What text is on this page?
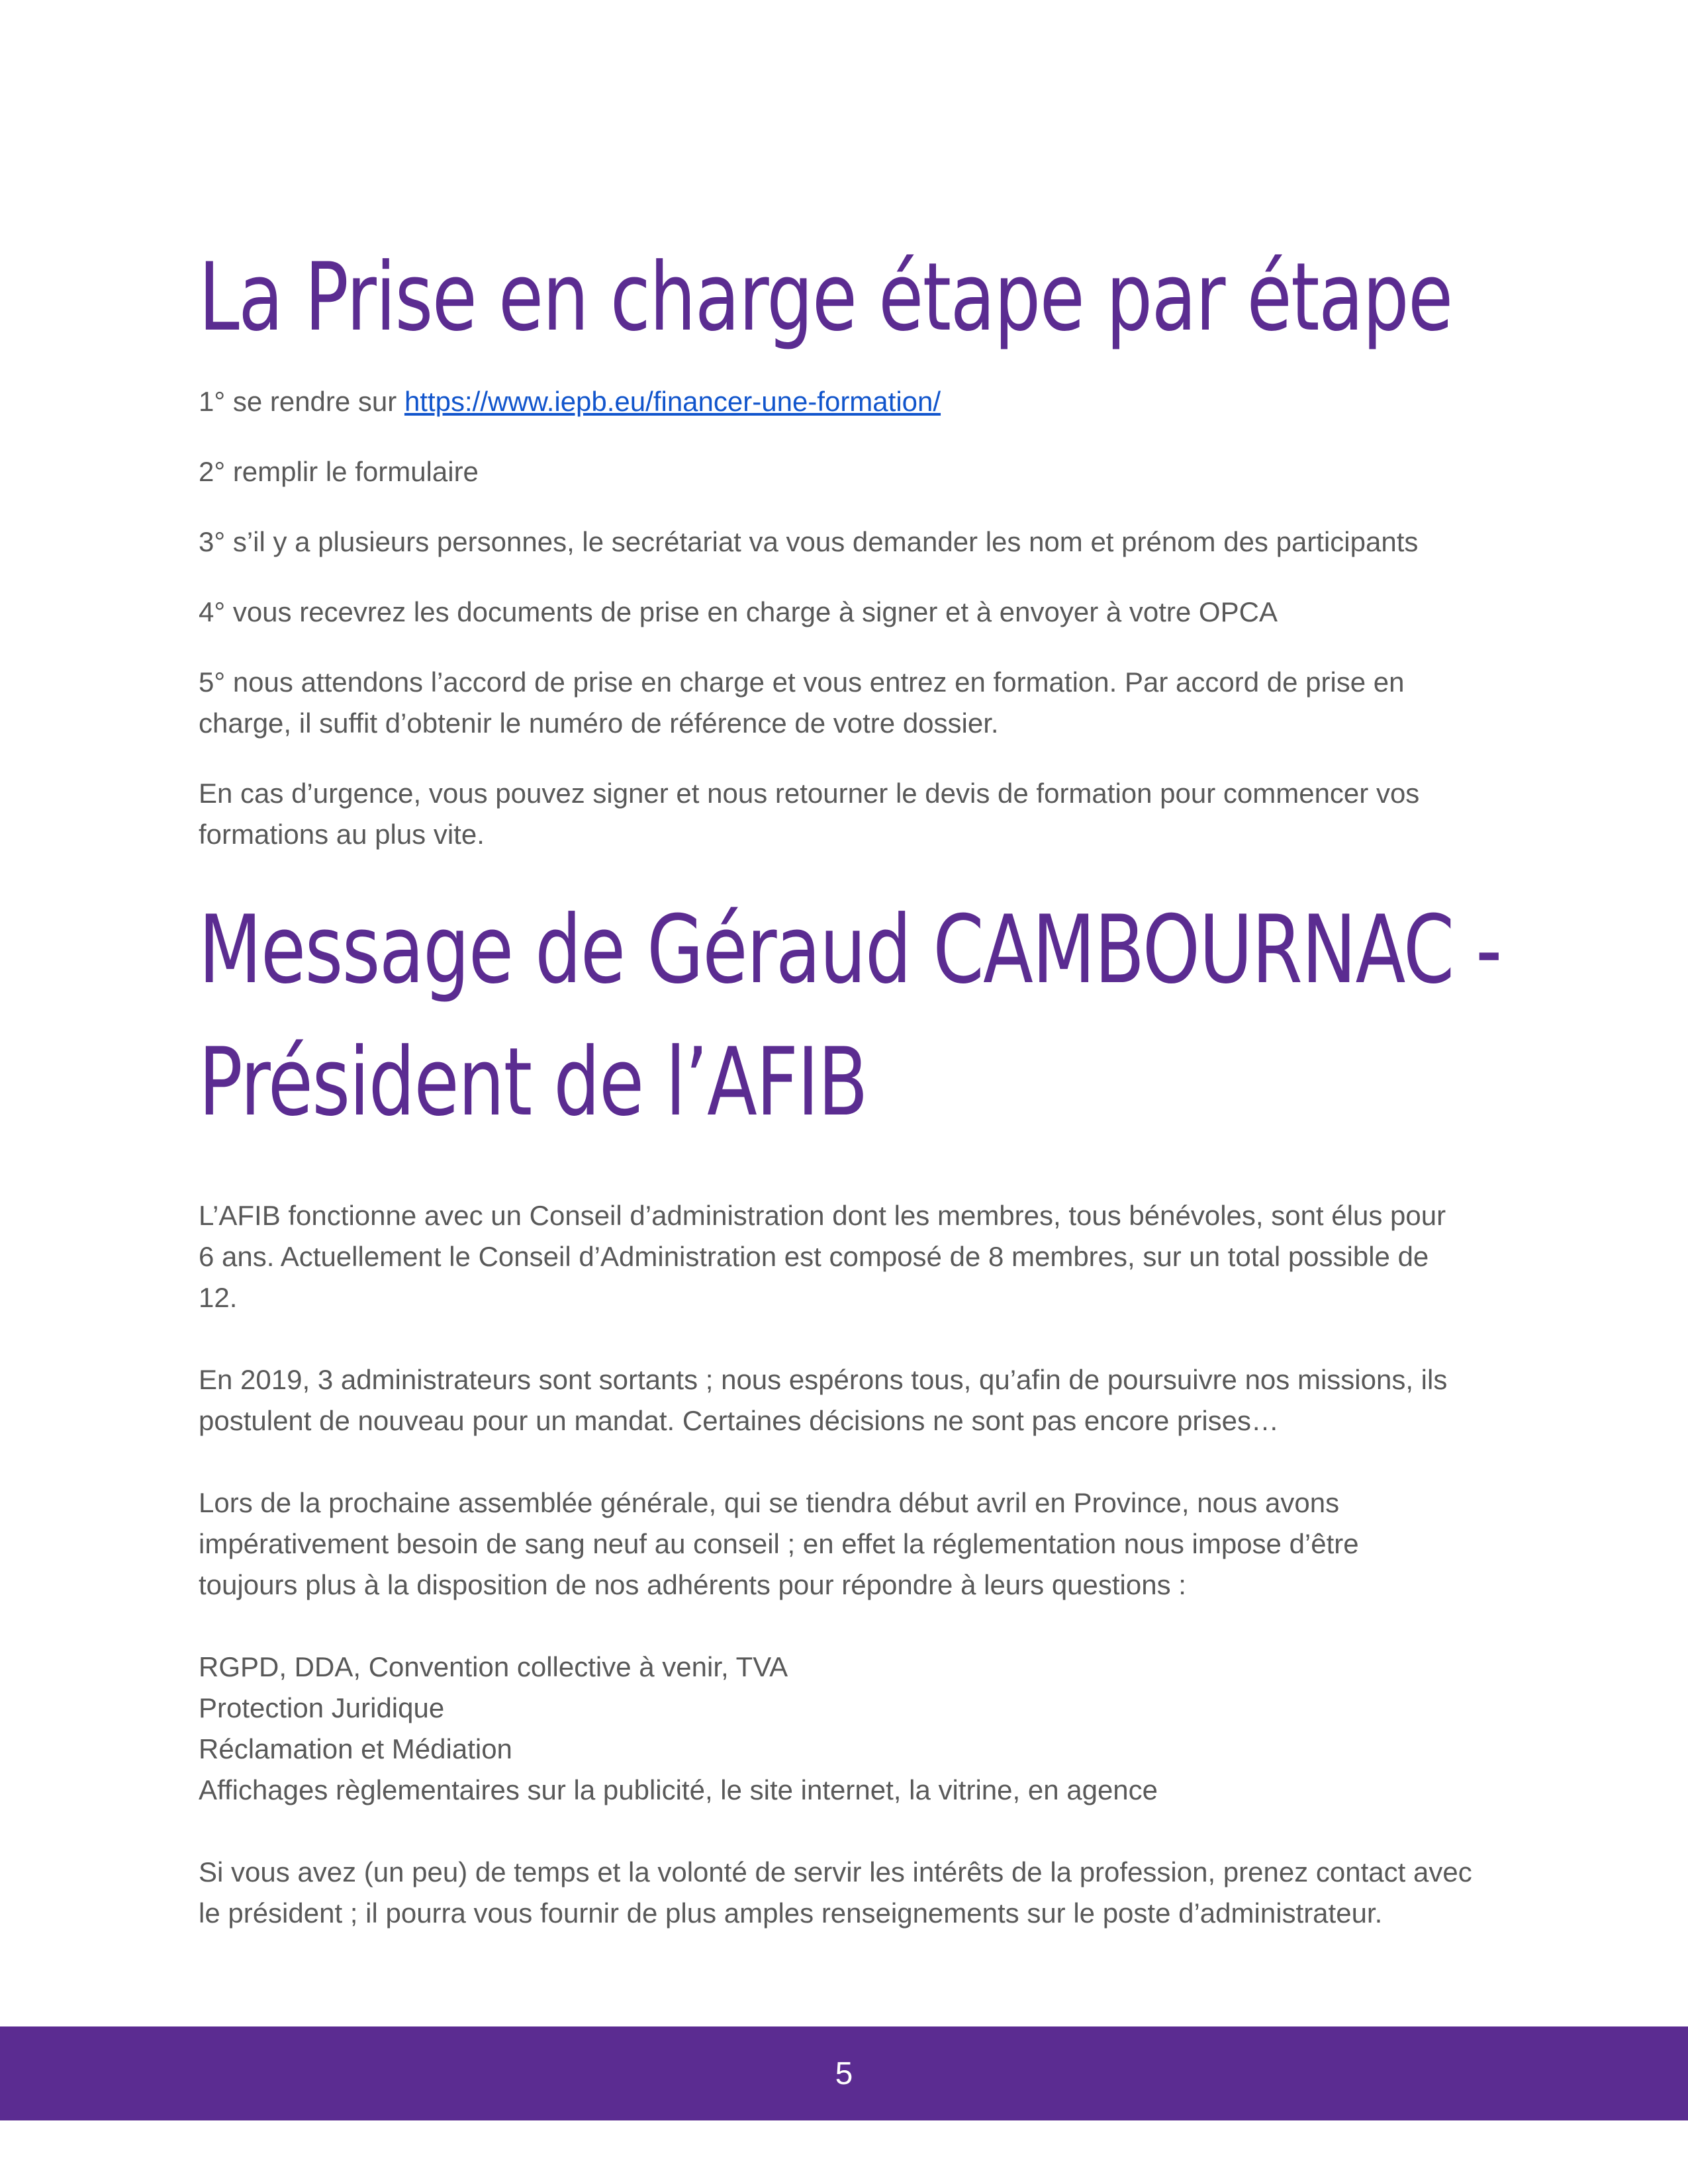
La Prise en charge étape par étape

1° se rendre sur https://www.iepb.eu/financer-une-formation/

2° remplir le formulaire

3° s’il y a plusieurs personnes, le secrétariat va vous demander les nom et prénom des participants

4° vous recevrez les documents de prise en charge à signer et à envoyer à votre OPCA

5° nous attendons l’accord de prise en charge et vous entrez en formation. Par accord de prise en
charge, il suffit d’obtenir le numéro de référence de votre dossier.

En cas d’urgence, vous pouvez signer et nous retourner le devis de formation pour commencer vos
formations au plus vite.

Message de Géraud CAMBOURNAC -
Président de l’AFIB

L’AFIB fonctionne avec un Conseil d’administration dont les membres, tous bénévoles, sont élus pour
6 ans. Actuellement le Conseil d’Administration est composé de 8 membres, sur un total possible de
12.

En 2019, 3 administrateurs sont sortants ; nous espérons tous, qu’afin de poursuivre nos missions, ils
postulent de nouveau pour un mandat. Certaines décisions ne sont pas encore prises…

Lors de la prochaine assemblée générale, qui se tiendra début avril en Province, nous avons
impérativement besoin de sang neuf au conseil ; en effet la réglementation nous impose d’être
toujours plus à la disposition de nos adhérents pour répondre à leurs questions :

RGPD, DDA, Convention collective à venir, TVA
Protection Juridique
Réclamation et Médiation
Affichages règlementaires sur la publicité, le site internet, la vitrine, en agence

Si vous avez (un peu) de temps et la volonté de servir les intérêts de la profession, prenez contact avec
le président ; il pourra vous fournir de plus amples renseignements sur le poste d’administrateur.

5
